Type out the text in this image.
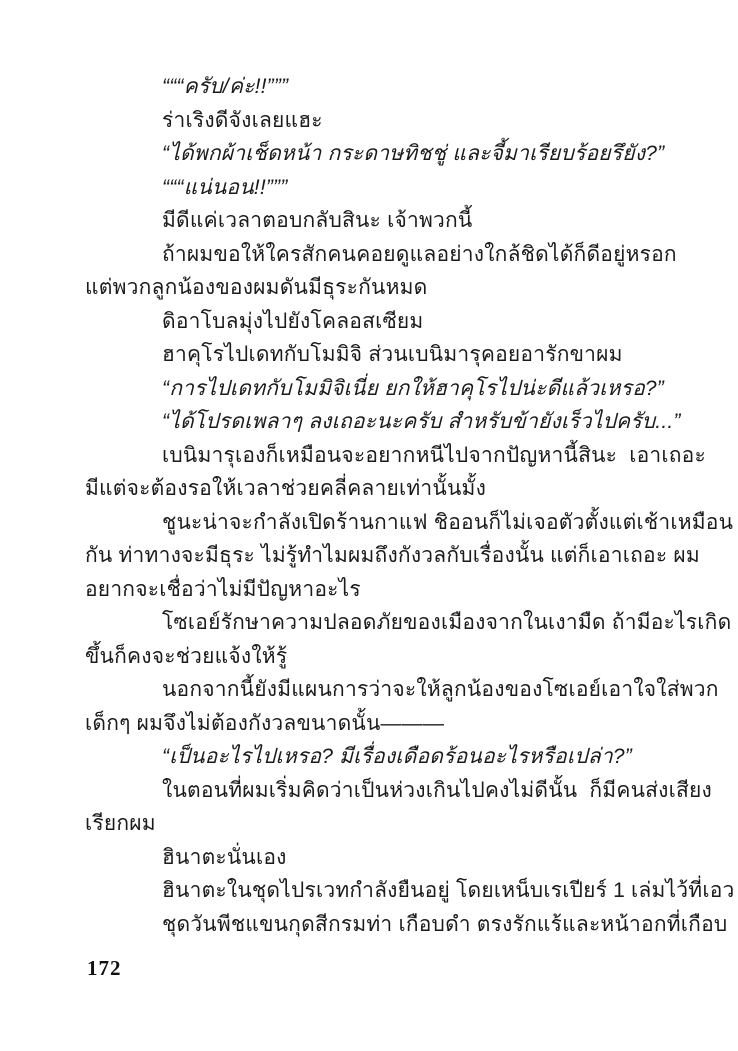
“““ครับ/ค่ะ!!”””

ร่าเริงดีจังเลยแฮะ

“ได้พกผ้าเช็ดหน้า กระดาษทิชชู่ และจี้มาเรียบร้อยรึยัง?”

“““แน่นอน!!”””

มีดีแค่เวลาตอบกลับสินะ เจ้าพวกนี้

ถ้าผมขอให้ใครสักคนคอยดูแลอย่างใกล้ชิดได้ก็ดีอยู่หรอก

แต่พวกลูกน้องของผมดันมีธุระกันหมด

ดิอาโบลมุ่งไปยังโคลอสเซียม

ฮาคุโรไปเดทกับโมมิจิ ส่วนเบนิมารุคอยอารักขาผม

“การไปเดทกับโมมิจิเนี่ย ยกให้ฮาคุโรไปน่ะดีแล้วเหรอ?”

“ได้โปรดเพลาๆ ลงเถอะนะครับ สำหรับข้ายังเร็วไปครับ...”

เบนิมารุเองก็เหมือนจะอยากหนีไปจากปัญหานี้สินะ  เอาเถอะ

มีแต่จะต้องรอให้เวลาช่วยคลี่คลายเท่านั้นมั้ง

ชูนะน่าจะกำลังเปิดร้านกาแฟ ชิออนก็ไม่เจอตัวตั้งแต่เช้าเหมือน

กัน ท่าทางจะมีธุระ ไม่รู้ทำไมผมถึงกังวลกับเรื่องนั้น แต่ก็เอาเถอะ ผม

อยากจะเชื่อว่าไม่มีปัญหาอะไร

โซเอย์รักษาความปลอดภัยของเมืองจากในเงามืด ถ้ามีอะไรเกิด

ขึ้นก็คงจะช่วยแจ้งให้รู้

นอกจากนี้ยังมีแผนการว่าจะให้ลูกน้องของโซเอย์เอาใจใส่พวก

เด็กๆ ผมจึงไม่ต้องกังวลขนาดนั้น———

“เป็นอะไรไปเหรอ? มีเรื่องเดือดร้อนอะไรหรือเปล่า?”

ในตอนที่ผมเริ่มคิดว่าเป็นห่วงเกินไปคงไม่ดีนั้น  ก็มีคนส่งเสียง

เรียกผม

ฮินาตะนั่นเอง

ฮินาตะในชุดไปรเวทกำลังยืนอยู่ โดยเหน็บเรเปียร์ 1 เล่มไว้ที่เอว

ชุดวันพีชแขนกุดสีกรมท่า เกือบดำ ตรงรักแร้และหน้าอกที่เกือบ

172
